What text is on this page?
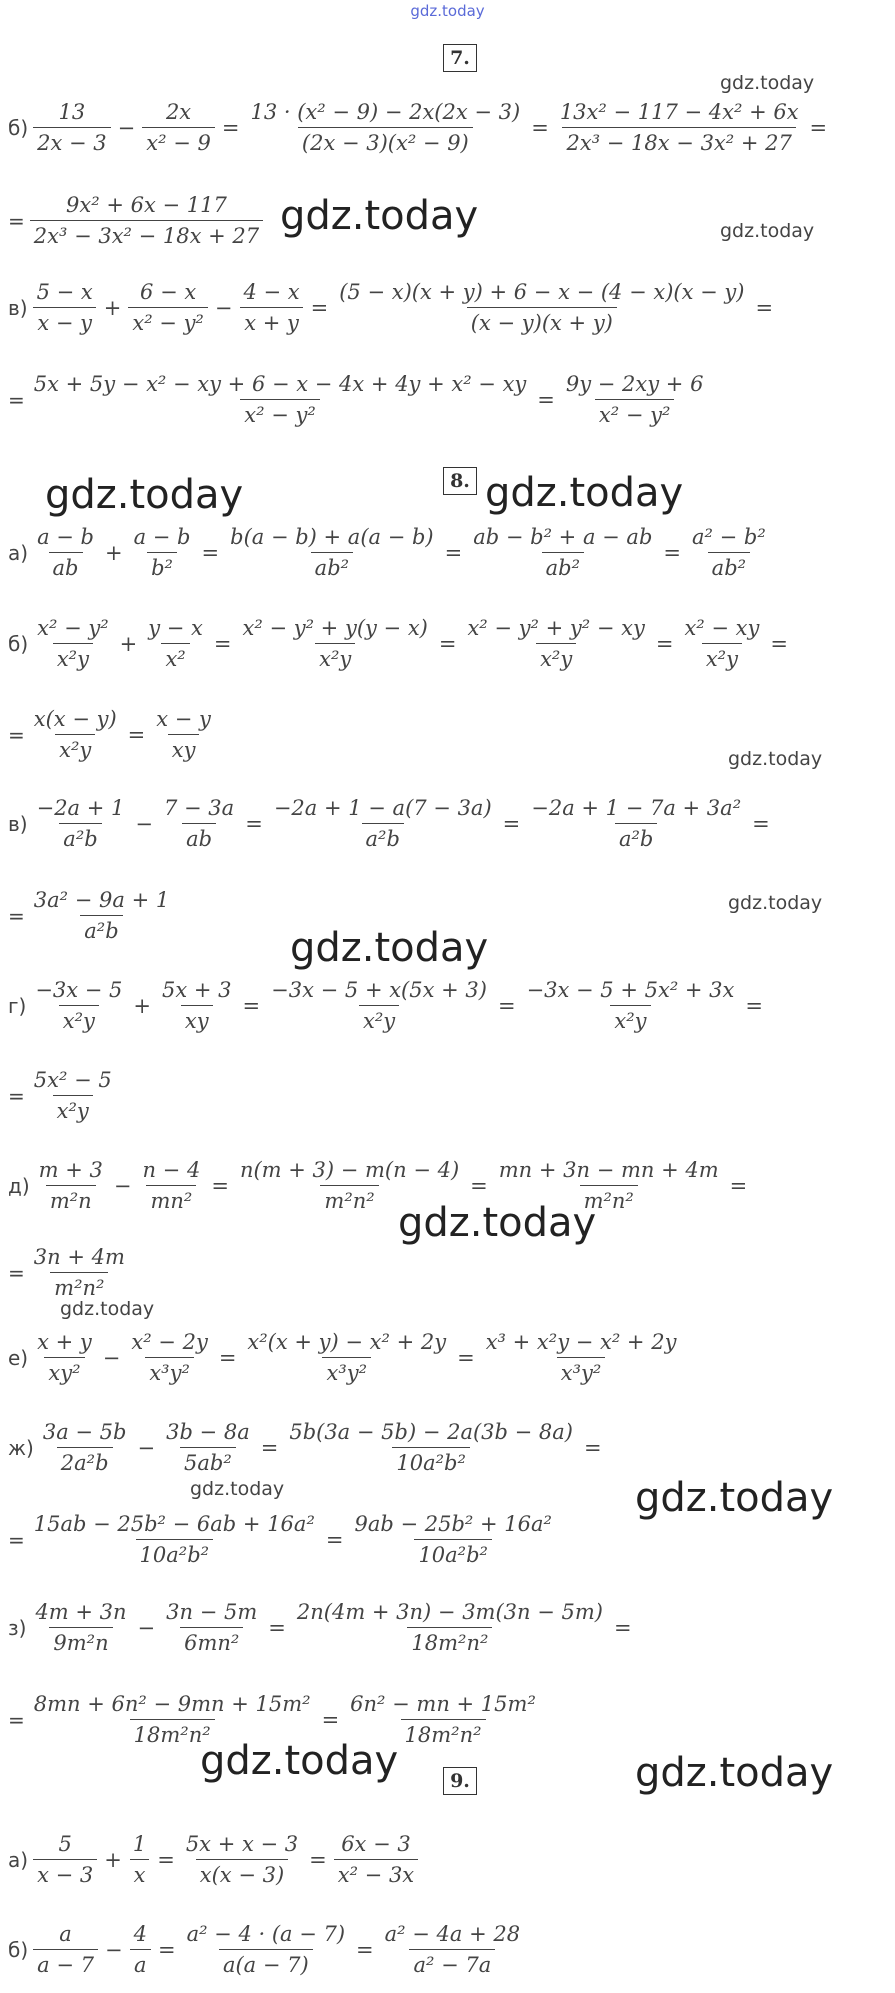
gdz.today
7.
8.
9.
gdz.today
gdz.today	gdz.today
gdz.today	gdz.today
gdz.today
gdz.today
gdz.today
gdz.today
gdz.today
gdz.today	gdz.today
gdz.today	gdz.today
$б) \frac{13}{2x - 3} - \frac{2x}{\text{x² − 9}} = \frac{\text{13 · (x² − 9) − 2x(2x − 3)}}{\text{(2x − 3)(x² − 9)}} = \frac{\text{13x² − 117 − 4x² + 6x}}{\text{2x³ − 18x − 3x² + 27}}$ =
= $\frac{\text{9x² + 6x − 117}}{\text{2x³ − 3x² − 18x + 27}}$
$в) \frac{5 - x}{x - y} + \frac{6 - x}{\text{x² − y²}} - \frac{4 - x}{x + y} = \frac{(5 - x)(x + y) + 6 - x - (4 - x)(x - y)}{(x - y)(x + y)}$ =
= $\frac{\text{5x + 5y − x² − xy + 6 − x − 4x + 4y + x² − xy}}{\text{x² − y²}} = \frac{9y - 2xy + 6}{\text{x² − y²}}$
$а) \frac{a - b}{ab} + \frac{a - b}{\text{b²}} = \frac{b(a - b) + a(a - b)}{\text{ab²}} = \frac{\text{ab − b² + a − ab}}{\text{ab²}} = \frac{\text{a² − b²}}{\text{ab²}}$
$б) \frac{\text{x² − y²}}{\text{x²y}} + \frac{y - x}{\text{x²}} = \frac{\text{x² − y² + y(y − x)}}{\text{x²y}} = \frac{\text{x² − y² + y² − xy}}{\text{x²y}} = \frac{\text{x² − xy}}{\text{x²y}}$ =
= $\frac{x(x - y)}{\text{x²y}} = \frac{x - y}{xy}$
$в) \frac{-2a + 1}{\text{a²b}} - \frac{7 - 3a}{ab} = \frac{-2a + 1 - a(7 - 3a)}{\text{a²b}} = \frac{\text{−2a + 1 − 7a + 3a²}}{\text{a²b}}$ =
= $\frac{\text{3a² − 9a + 1}}{\text{a²b}}$
$г) \frac{-3x - 5}{\text{x²y}} + \frac{5x + 3}{xy} = \frac{-3x - 5 + x(5x + 3)}{\text{x²y}} = \frac{\text{−3x − 5 + 5x² + 3x}}{\text{x²y}}$ =
= $\frac{\text{5x² − 5}}{\text{x²y}}$
$д) \frac{m + 3}{\text{m²n}} - \frac{n - 4}{\text{mn²}} = \frac{n(m + 3) - m(n - 4)}{\text{m²n²}} = \frac{mn + 3n - mn + 4m}{\text{m²n²}}$ =
= $\frac{3n + 4m}{\text{m²n²}}$
$е) \frac{x + y}{\text{xy²}} - \frac{\text{x² − 2y}}{\text{x³y²}} = \frac{\text{x²(x + y) − x² + 2y}}{\text{x³y²}} = \frac{\text{x³ + x²y − x² + 2y}}{\text{x³y²}}$
$ж) \frac{3a - 5b}{\text{2a²b}} - \frac{3b - 8a}{\text{5ab²}} = \frac{5b(3a - 5b) - 2a(3b - 8a)}{\text{10a²b²}}$ =
= $\frac{\text{15ab − 25b² − 6ab + 16a²}}{\text{10a²b²}} = \frac{\text{9ab − 25b² + 16a²}}{\text{10a²b²}}$
$з) \frac{4m + 3n}{\text{9m²n}} - \frac{3n - 5m}{\text{6mn²}} = \frac{2n(4m + 3n) - 3m(3n - 5m)}{\text{18m²n²}}$ =
= $\frac{\text{8mn + 6n² − 9mn + 15m²}}{\text{18m²n²}} = \frac{\text{6n² − mn + 15m²}}{\text{18m²n²}}$
$а) \frac{5}{x - 3} + \frac{1}{x} = \frac{5x + x - 3}{x(x - 3)} = \frac{6x - 3}{\text{x² − 3x}}$
$б) \frac{a}{a - 7} - \frac{4}{a} = \frac{\text{a² − 4 · (a − 7)}}{a(a - 7)} = \frac{\text{a² − 4a + 28}}{\text{a² − 7a}}$
